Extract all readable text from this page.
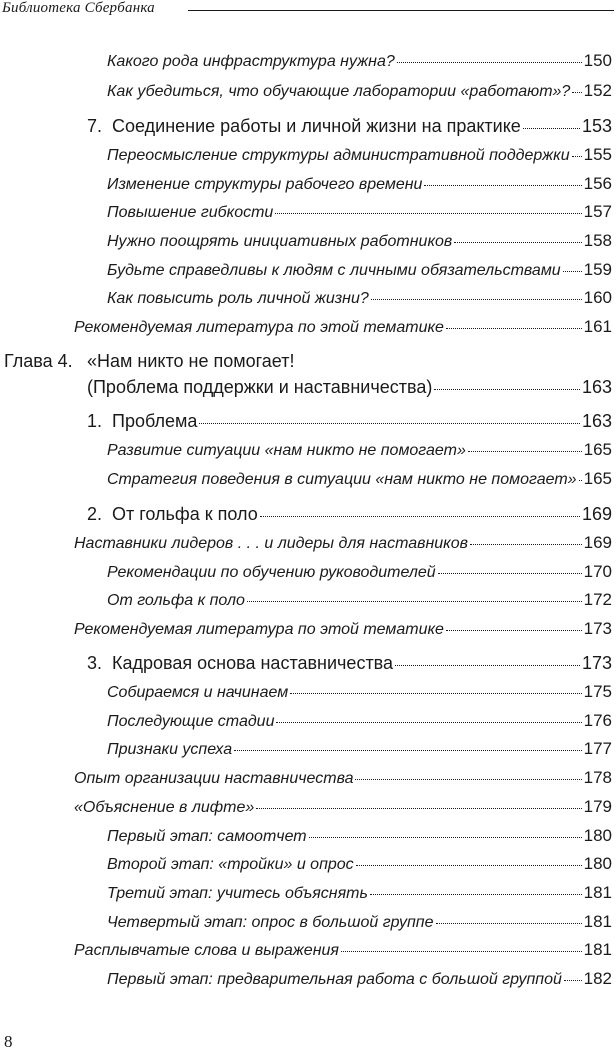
Библиотека Сбербанка
Какого рода инфраструктура нужна?	150
Как убедиться, что обучающие лаборатории «работают»? 152
7. Соединение работы и личной жизни на практике	153
Переосмысление структуры административной поддержки 155
Изменение структуры рабочего времени	156
Повышение гибкости	157
Нужно поощрять инициативных работников	158
Будьте справедливы к людям с личными обязательствами 159
Как повысить роль личной жизни?	160
Рекомендуемая литература по этой тематике	161
Глава 4. «Нам никто не помогает!
(Проблема поддержки и наставничества)	163
1. Проблема	163
Развитие ситуации «нам никто не помогает»	165
Стратегия поведения в ситуации «нам никто не помогает» 165
2. От гольфа к поло	169
Наставники лидеров . . . и лидеры для наставников	169
Рекомендации по обучению руководителей	170
От гольфа к поло	172
Рекомендуемая литература по этой тематике	173
3. Кадровая основа наставничества	173
Собираемся и начинаем	175
Последующие стадии	176
Признаки успеха	177
Опыт организации наставничества	178
«Объяснение в лифте»	179
Первый этап: самоотчет	180
Второй этап: «тройки» и опрос	180
Третий этап: учитесь объяснять	181
Четвертый этап: опрос в большой группе	181
Расплывчатые слова и выражения	181
Первый этап: предварительная работа с большой группой 182
8
